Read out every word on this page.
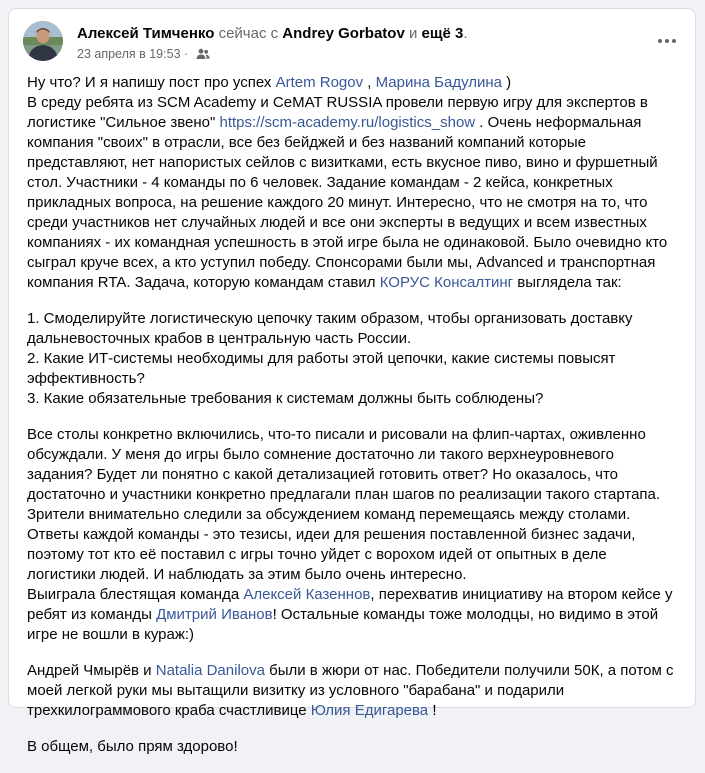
Алексей Тимченко сейчас с Andrey Gorbatov и ещё 3.
23 апреля в 19:53 ·

Ну что? И я напишу пост про успех Artem Rogov , Марина Бадулина )
В среду ребята из SCM Academy и CeMAT RUSSIA провели первую игру для экспертов в логистике "Сильное звено" https://scm-academy.ru/logistics_show . Очень неформальная компания "своих" в отрасли, все без бейджей и без названий компаний которые представляют, нет напористых сейлов с визитками, есть вкусное пиво, вино и фуршетный стол. Участники - 4 команды по 6 человек. Задание командам - 2 кейса, конкретных прикладных вопроса, на решение каждого 20 минут. Интересно, что не смотря на то, что среди участников нет случайных людей и все они эксперты в ведущих и всем известных компаниях - их командная успешность в этой игре была не одинаковой. Было очевидно кто сыграл круче всех, а кто уступил победу. Спонсорами были мы, Advanced и транспортная компания RTA. Задача, которую командам ставил КОРУС Консалтинг выглядела так:

1. Смоделируйте логистическую цепочку таким образом, чтобы организовать доставку дальневосточных крабов в центральную часть России.
2. Какие ИТ-системы необходимы для работы этой цепочки, какие системы повысят эффективность?
3. Какие обязательные требования к системам должны быть соблюдены?

Все столы конкретно включились, что-то писали и рисовали на флип-чартах, оживленно обсуждали. У меня до игры было сомнение достаточно ли такого верхнеуровневого задания? Будет ли понятно с какой детализацией готовить ответ? Но оказалось, что достаточно и участники конкретно предлагали план шагов по реализации такого стартапа. Зрители внимательно следили за обсуждением команд перемещаясь между столами. Ответы каждой команды - это тезисы, идеи для решения поставленной бизнес задачи, поэтому тот кто её поставил с игры точно уйдет с ворохом идей от опытных в деле логистики людей. И наблюдать за этим было очень интересно.
Выиграла блестящая команда Алексей Казеннов, перехватив инициативу на втором кейсе у ребят из команды Дмитрий Иванов! Остальные команды тоже молодцы, но видимо в этой игре не вошли в кураж:)

Андрей Чмырёв и Natalia Danilova были в жюри от нас. Победители получили 50К, а потом с моей легкой руки мы вытащили визитку из условного "барабана" и подарили трехкилограммового краба счастливице Юлия Едигарева !

В общем, было прям здорово!
